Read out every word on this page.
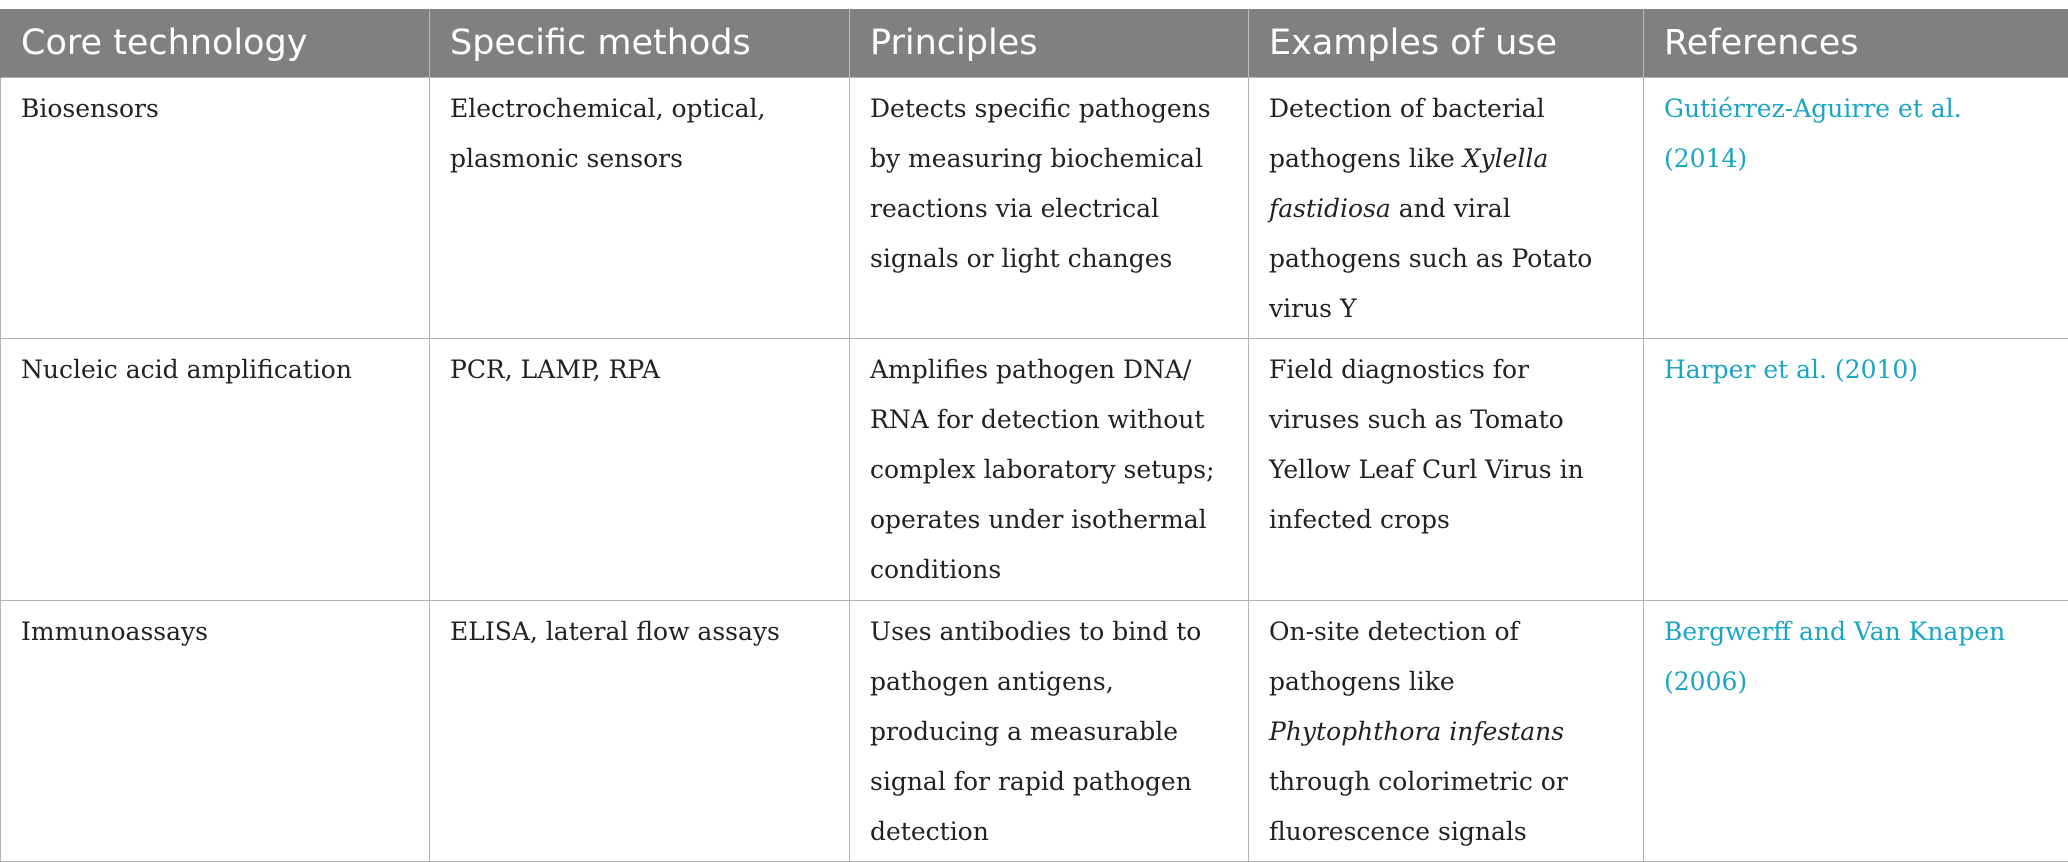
Core technology	Specific methods	Principles	Examples of use	References
Biosensors	Electrochemical, optical, plasmonic sensors	Detects specific pathogens by measuring biochemical reactions via electrical signals or light changes	Detection of bacterial pathogens like Xylella fastidiosa and viral pathogens such as Potato virus Y	Gutiérrez-Aguirre et al. (2014)
Nucleic acid amplification	PCR, LAMP, RPA	Amplifies pathogen DNA/ RNA for detection without complex laboratory setups; operates under isothermal conditions	Field diagnostics for viruses such as Tomato Yellow Leaf Curl Virus in infected crops	Harper et al. (2010)
Immunoassays	ELISA, lateral flow assays	Uses antibodies to bind to pathogen antigens, producing a measurable signal for rapid pathogen detection	On-site detection of pathogens like Phytophthora infestans through colorimetric or fluorescence signals	Bergwerff and Van Knapen (2006)
